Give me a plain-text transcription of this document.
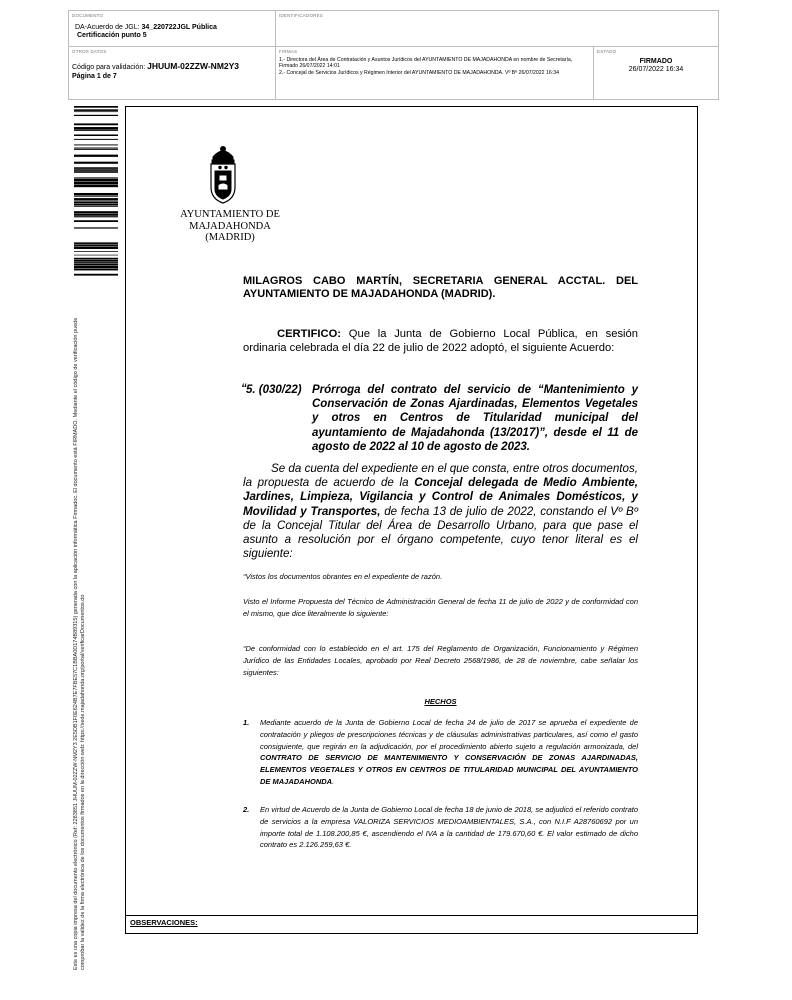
DOCUMENTO
DA-Acuerdo de JGL: 34_220722JGL Pública
Certificación punto 5
IDENTIFICADORES
OTROS DATOS
Código para validación: JHUUM-02ZZW-NM2Y3
Página 1 de 7
FIRMAS
1.- Directora del Área de Contratación y Asuntos Jurídicos del AYUNTAMIENTO DE MAJADAHONDA en nombre de Secretaría, Firmado 26/07/2022 14:01
2.- Concejal de Servicios Jurídicos y Régimen Interior del AYUNTAMIENTO DE MAJADAHONDA. Vº Bº 26/07/2022 16:34
ESTADO
FIRMADO
26/07/2022 16:34
Este es una copia impresa del documento electrónico (Ref: 2283851 JHUUM-02ZZW-NM2Y3 2E5DB1F0E624B7E7FBE57C1BBA0D174B89315) generada con la aplicación informática Firmadoc. El documento está FIRMADO. Mediante el código de verificación puede comprobar la validez de la firma electrónica de los documentos firmados en la dirección web: https://sede.majadahonda.org/portal/verificarDocumentos.do	OBSERVACIONES:
AYUNTAMIENTO DE
MAJADAHONDA
(MADRID)
MILAGROS CABO MARTÍN, SECRETARIA GENERAL ACCTAL. DEL AYUNTAMIENTO DE MAJADAHONDA (MADRID).
CERTIFICO: Que la Junta de Gobierno Local Pública, en sesión ordinaria celebrada el día 22 de julio de 2022 adoptó, el siguiente Acuerdo:
“ 5. (030/22) Prórroga del contrato del servicio de “Mantenimiento y Conservación de Zonas Ajardinadas, Elementos Vegetales y otros en Centros de Titularidad municipal del ayuntamiento de Majadahonda (13/2017)”, desde el 11 de agosto de 2022 al 10 de agosto de 2023.
Se da cuenta del expediente en el que consta, entre otros documentos, la propuesta de acuerdo de la Concejal delegada de Medio Ambiente, Jardines, Limpieza, Vigilancia y Control de Animales Domésticos, y Movilidad y Transportes, de fecha 13 de julio de 2022, constando el Vº Bº de la Concejal Titular del Área de Desarrollo Urbano, para que pase el asunto a resolución por el órgano competente, cuyo tenor literal es el siguiente:
“Vistos los documentos obrantes en el expediente de razón.
Visto el Informe Propuesta del Técnico de Administración General de fecha 11 de julio de 2022 y de conformidad con el mismo, que dice literalmente lo siguiente:
“De conformidad con lo establecido en el art. 175 del Reglamento de Organización, Funcionamiento y Régimen Jurídico de las Entidades Locales, aprobado por Real Decreto 2568/1986, de 28 de noviembre, cabe señalar los siguientes:
HECHOS
1. Mediante acuerdo de la Junta de Gobierno Local de fecha 24 de julio de 2017 se aprueba el expediente de contratación y pliegos de prescripciones técnicas y de cláusulas administrativas particulares, así como el gasto consiguiente, que regirán en la adjudicación, por el procedimiento abierto sujeto a regulación armonizada, del CONTRATO DE SERVICIO DE MANTENIMIENTO Y CONSERVACIÓN DE ZONAS AJARDINADAS, ELEMENTOS VEGETALES Y OTROS EN CENTROS DE TITULARIDAD MUNICIPAL DEL AYUNTAMIENTO DE MAJADAHONDA.
2. En virtud de Acuerdo de la Junta de Gobierno Local de fecha 18 de junio de 2018, se adjudicó el referido contrato de servicios a la empresa VALORIZA SERVICIOS MEDIOAMBIENTALES, S.A., con N.I.F A28760692 por un importe total de 1.108.200,85 €, ascendiendo el IVA a la cantidad de 179.670,60 €. El valor estimado de dicho contrato es 2.126.259,63 €.
